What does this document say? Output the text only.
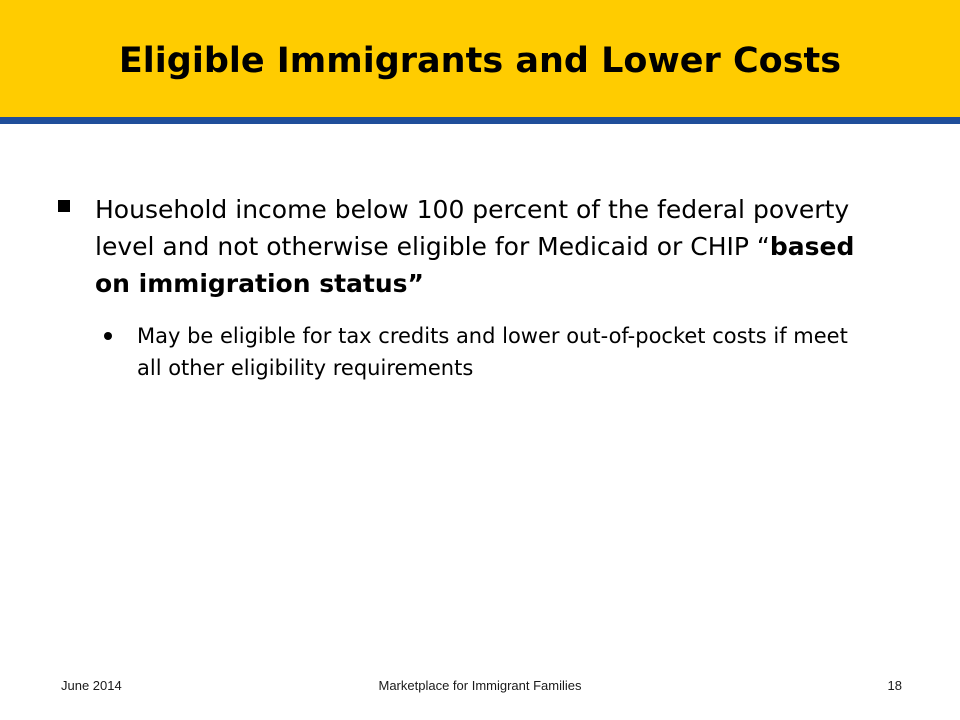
Eligible Immigrants and Lower Costs
Household income below 100 percent of the federal poverty level and not otherwise eligible for Medicaid or CHIP “based on immigration status”
May be eligible for tax credits and lower out-of-pocket costs if meet all other eligibility requirements
Marketplace for Immigrant Families
June 2014	18
